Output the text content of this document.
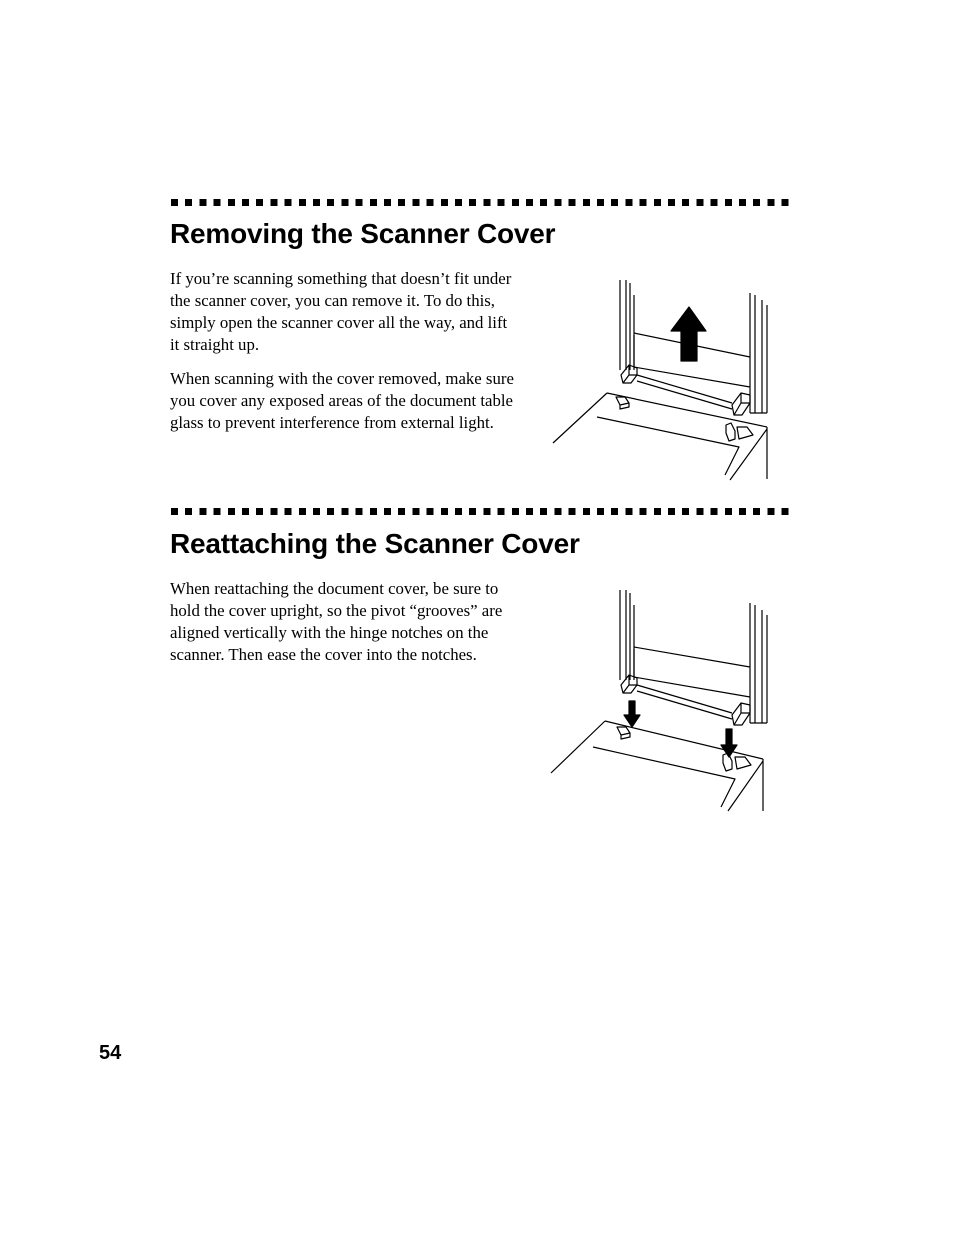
Removing the Scanner Cover

If you’re scanning something that doesn’t fit under the scanner cover, you can remove it. To do this, simply open the scanner cover all the way, and lift it straight up.

When scanning with the cover removed, make sure you cover any exposed areas of the document table glass to prevent interference from external light.

Reattaching the Scanner Cover

When reattaching the document cover, be sure to hold the cover upright, so the pivot “grooves” are aligned vertically with the hinge notches on the scanner. Then ease the cover into the notches.

54
